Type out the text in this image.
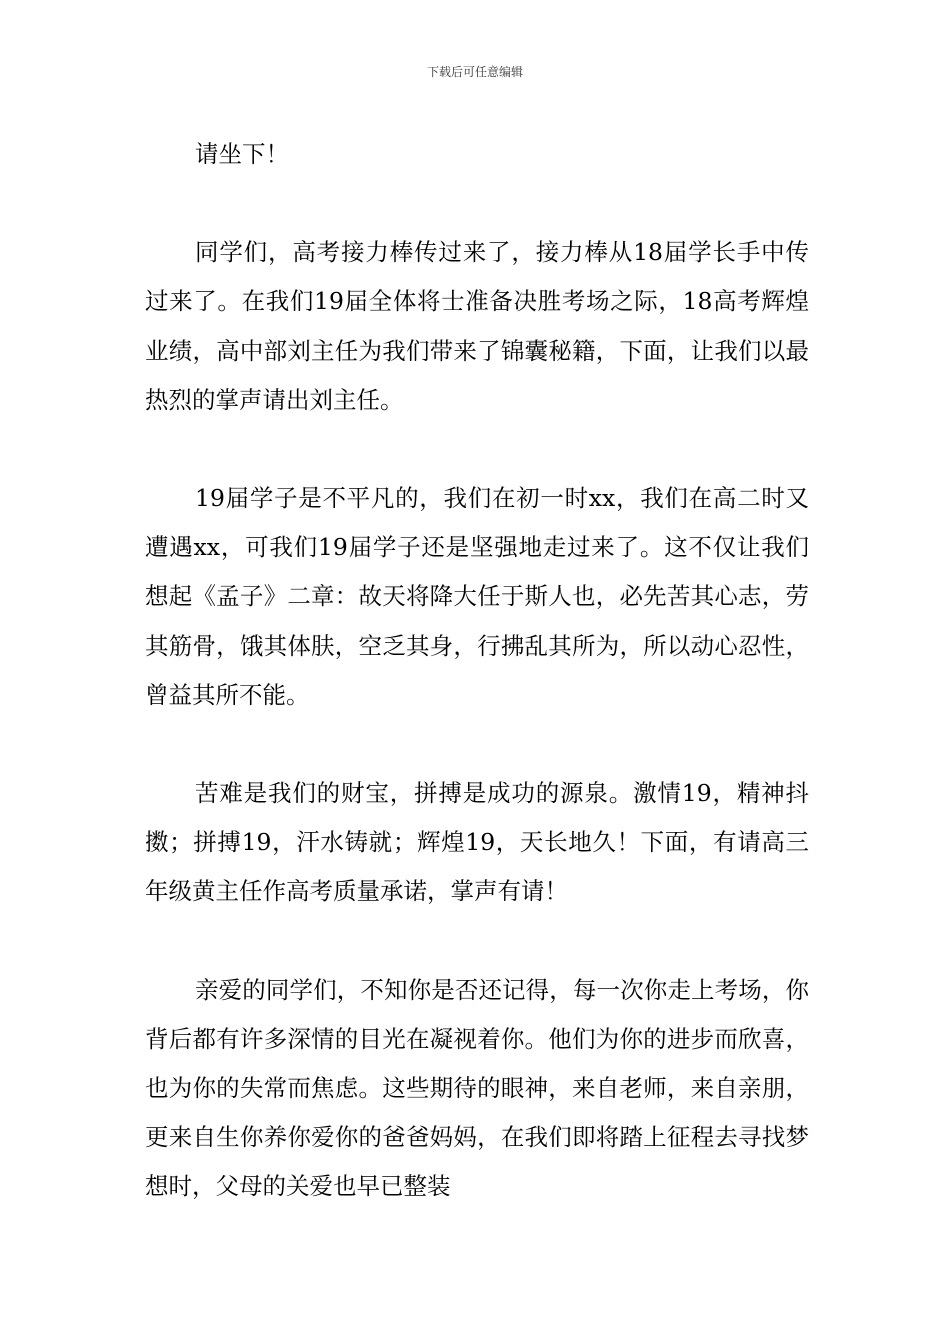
下载后可任意编辑

请坐下！

同学们，高考接力棒传过来了，接力棒从18届学长手中传过来了。在我们19届全体将士准备决胜考场之际，18高考辉煌业绩，高中部刘主任为我们带来了锦囊秘籍，下面，让我们以最热烈的掌声请出刘主任。

19届学子是不平凡的，我们在初一时xx，我们在高二时又遭遇xx，可我们19届学子还是坚强地走过来了。这不仅让我们想起《孟子》二章：故天将降大任于斯人也，必先苦其心志，劳其筋骨，饿其体肤，空乏其身，行拂乱其所为，所以动心忍性，曾益其所不能。

苦难是我们的财宝，拼搏是成功的源泉。激情19，精神抖擞；拼搏19，汗水铸就；辉煌19，天长地久！下面，有请高三年级黄主任作高考质量承诺，掌声有请！

亲爱的同学们，不知你是否还记得，每一次你走上考场，你背后都有许多深情的目光在凝视着你。他们为你的进步而欣喜，也为你的失常而焦虑。这些期待的眼神，来自老师，来自亲朋，更来自生你养你爱你的爸爸妈妈，在我们即将踏上征程去寻找梦想时，父母的关爱也早已整装
